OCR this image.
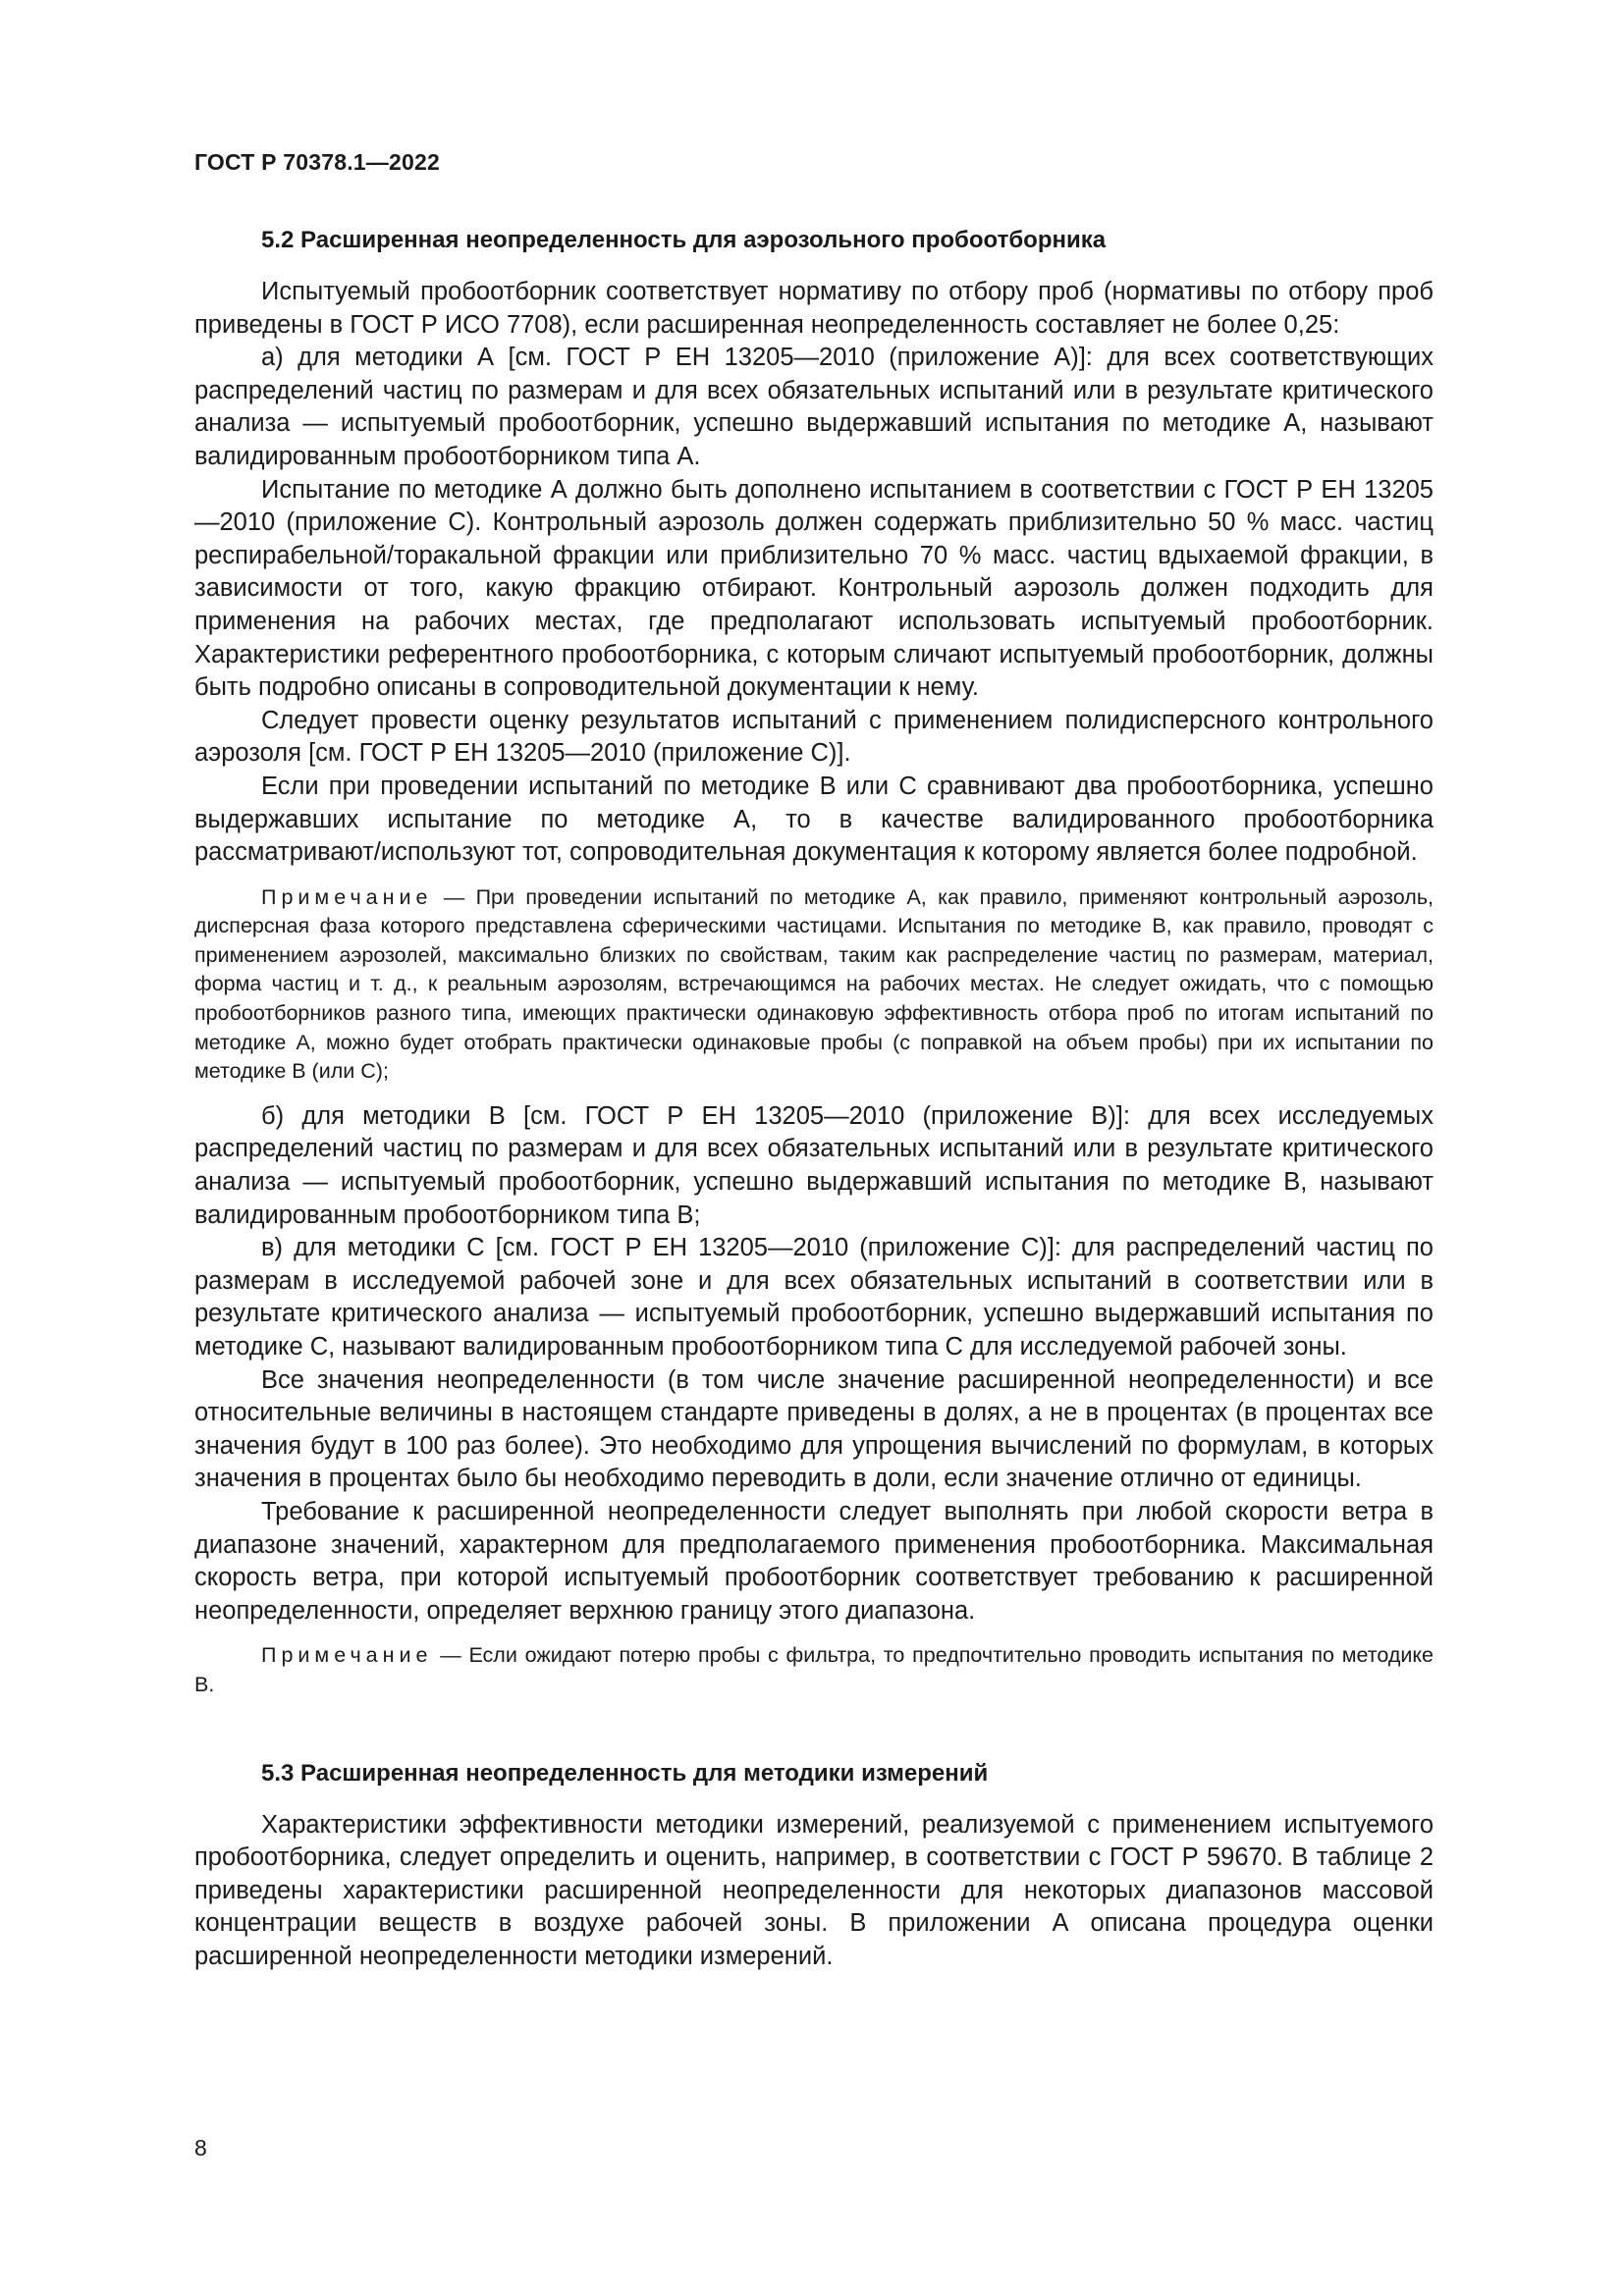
ГОСТ Р 70378.1—2022
5.2 Расширенная неопределенность для аэрозольного пробоотборника

Испытуемый пробоотборник соответствует нормативу по отбору проб (нормативы по отбору проб приведены в ГОСТ Р ИСО 7708), если расширенная неопределенность составляет не более 0,25:

а) для методики А [см. ГОСТ Р ЕН 13205—2010 (приложение А)]: для всех соответствующих распределений частиц по размерам и для всех обязательных испытаний или в результате критического анализа — испытуемый пробоотборник, успешно выдержавший испытания по методике А, называют валидированным пробоотборником типа А.

Испытание по методике А должно быть дополнено испытанием в соответствии с ГОСТ Р ЕН 13205—2010 (приложение С). Контрольный аэрозоль должен содержать приблизительно 50 % масс. частиц респирабельной/торакальной фракции или приблизительно 70 % масс. частиц вдыхаемой фракции, в зависимости от того, какую фракцию отбирают. Контрольный аэрозоль должен подходить для применения на рабочих местах, где предполагают использовать испытуемый пробоотборник. Характеристики референтного пробоотборника, с которым сличают испытуемый пробоотборник, должны быть подробно описаны в сопроводительной документации к нему.

Следует провести оценку результатов испытаний с применением полидисперсного контрольного аэрозоля [см. ГОСТ Р ЕН 13205—2010 (приложение С)].

Если при проведении испытаний по методике В или С сравнивают два пробоотборника, успешно выдержавших испытание по методике А, то в качестве валидированного пробоотборника рассматривают/используют тот, сопроводительная документация к которому является более подробной.

Примечание — При проведении испытаний по методике А, как правило, применяют контрольный аэрозоль, дисперсная фаза которого представлена сферическими частицами. Испытания по методике В, как правило, проводят с применением аэрозолей, максимально близких по свойствам, таким как распределение частиц по размерам, материал, форма частиц и т. д., к реальным аэрозолям, встречающимся на рабочих местах. Не следует ожидать, что с помощью пробоотборников разного типа, имеющих практически одинаковую эффективность отбора проб по итогам испытаний по методике А, можно будет отобрать практически одинаковые пробы (с поправкой на объем пробы) при их испытании по методике В (или С);

б) для методики В [см. ГОСТ Р ЕН 13205—2010 (приложение В)]: для всех исследуемых распределений частиц по размерам и для всех обязательных испытаний или в результате критического анализа — испытуемый пробоотборник, успешно выдержавший испытания по методике В, называют валидированным пробоотборником типа В;

в) для методики С [см. ГОСТ Р ЕН 13205—2010 (приложение С)]: для распределений частиц по размерам в исследуемой рабочей зоне и для всех обязательных испытаний в соответствии или в результате критического анализа — испытуемый пробоотборник, успешно выдержавший испытания по методике С, называют валидированным пробоотборником типа С для исследуемой рабочей зоны.

Все значения неопределенности (в том числе значение расширенной неопределенности) и все относительные величины в настоящем стандарте приведены в долях, а не в процентах (в процентах все значения будут в 100 раз более). Это необходимо для упрощения вычислений по формулам, в которых значения в процентах было бы необходимо переводить в доли, если значение отлично от единицы.

Требование к расширенной неопределенности следует выполнять при любой скорости ветра в диапазоне значений, характерном для предполагаемого применения пробоотборника. Максимальная скорость ветра, при которой испытуемый пробоотборник соответствует требованию к расширенной неопределенности, определяет верхнюю границу этого диапазона.

Примечание — Если ожидают потерю пробы с фильтра, то предпочтительно проводить испытания по методике В.

5.3 Расширенная неопределенность для методики измерений

Характеристики эффективности методики измерений, реализуемой с применением испытуемого пробоотборника, следует определить и оценить, например, в соответствии с ГОСТ Р 59670. В таблице 2 приведены характеристики расширенной неопределенности для некоторых диапазонов массовой концентрации веществ в воздухе рабочей зоны. В приложении А описана процедура оценки расширенной неопределенности методики измерений.

8
